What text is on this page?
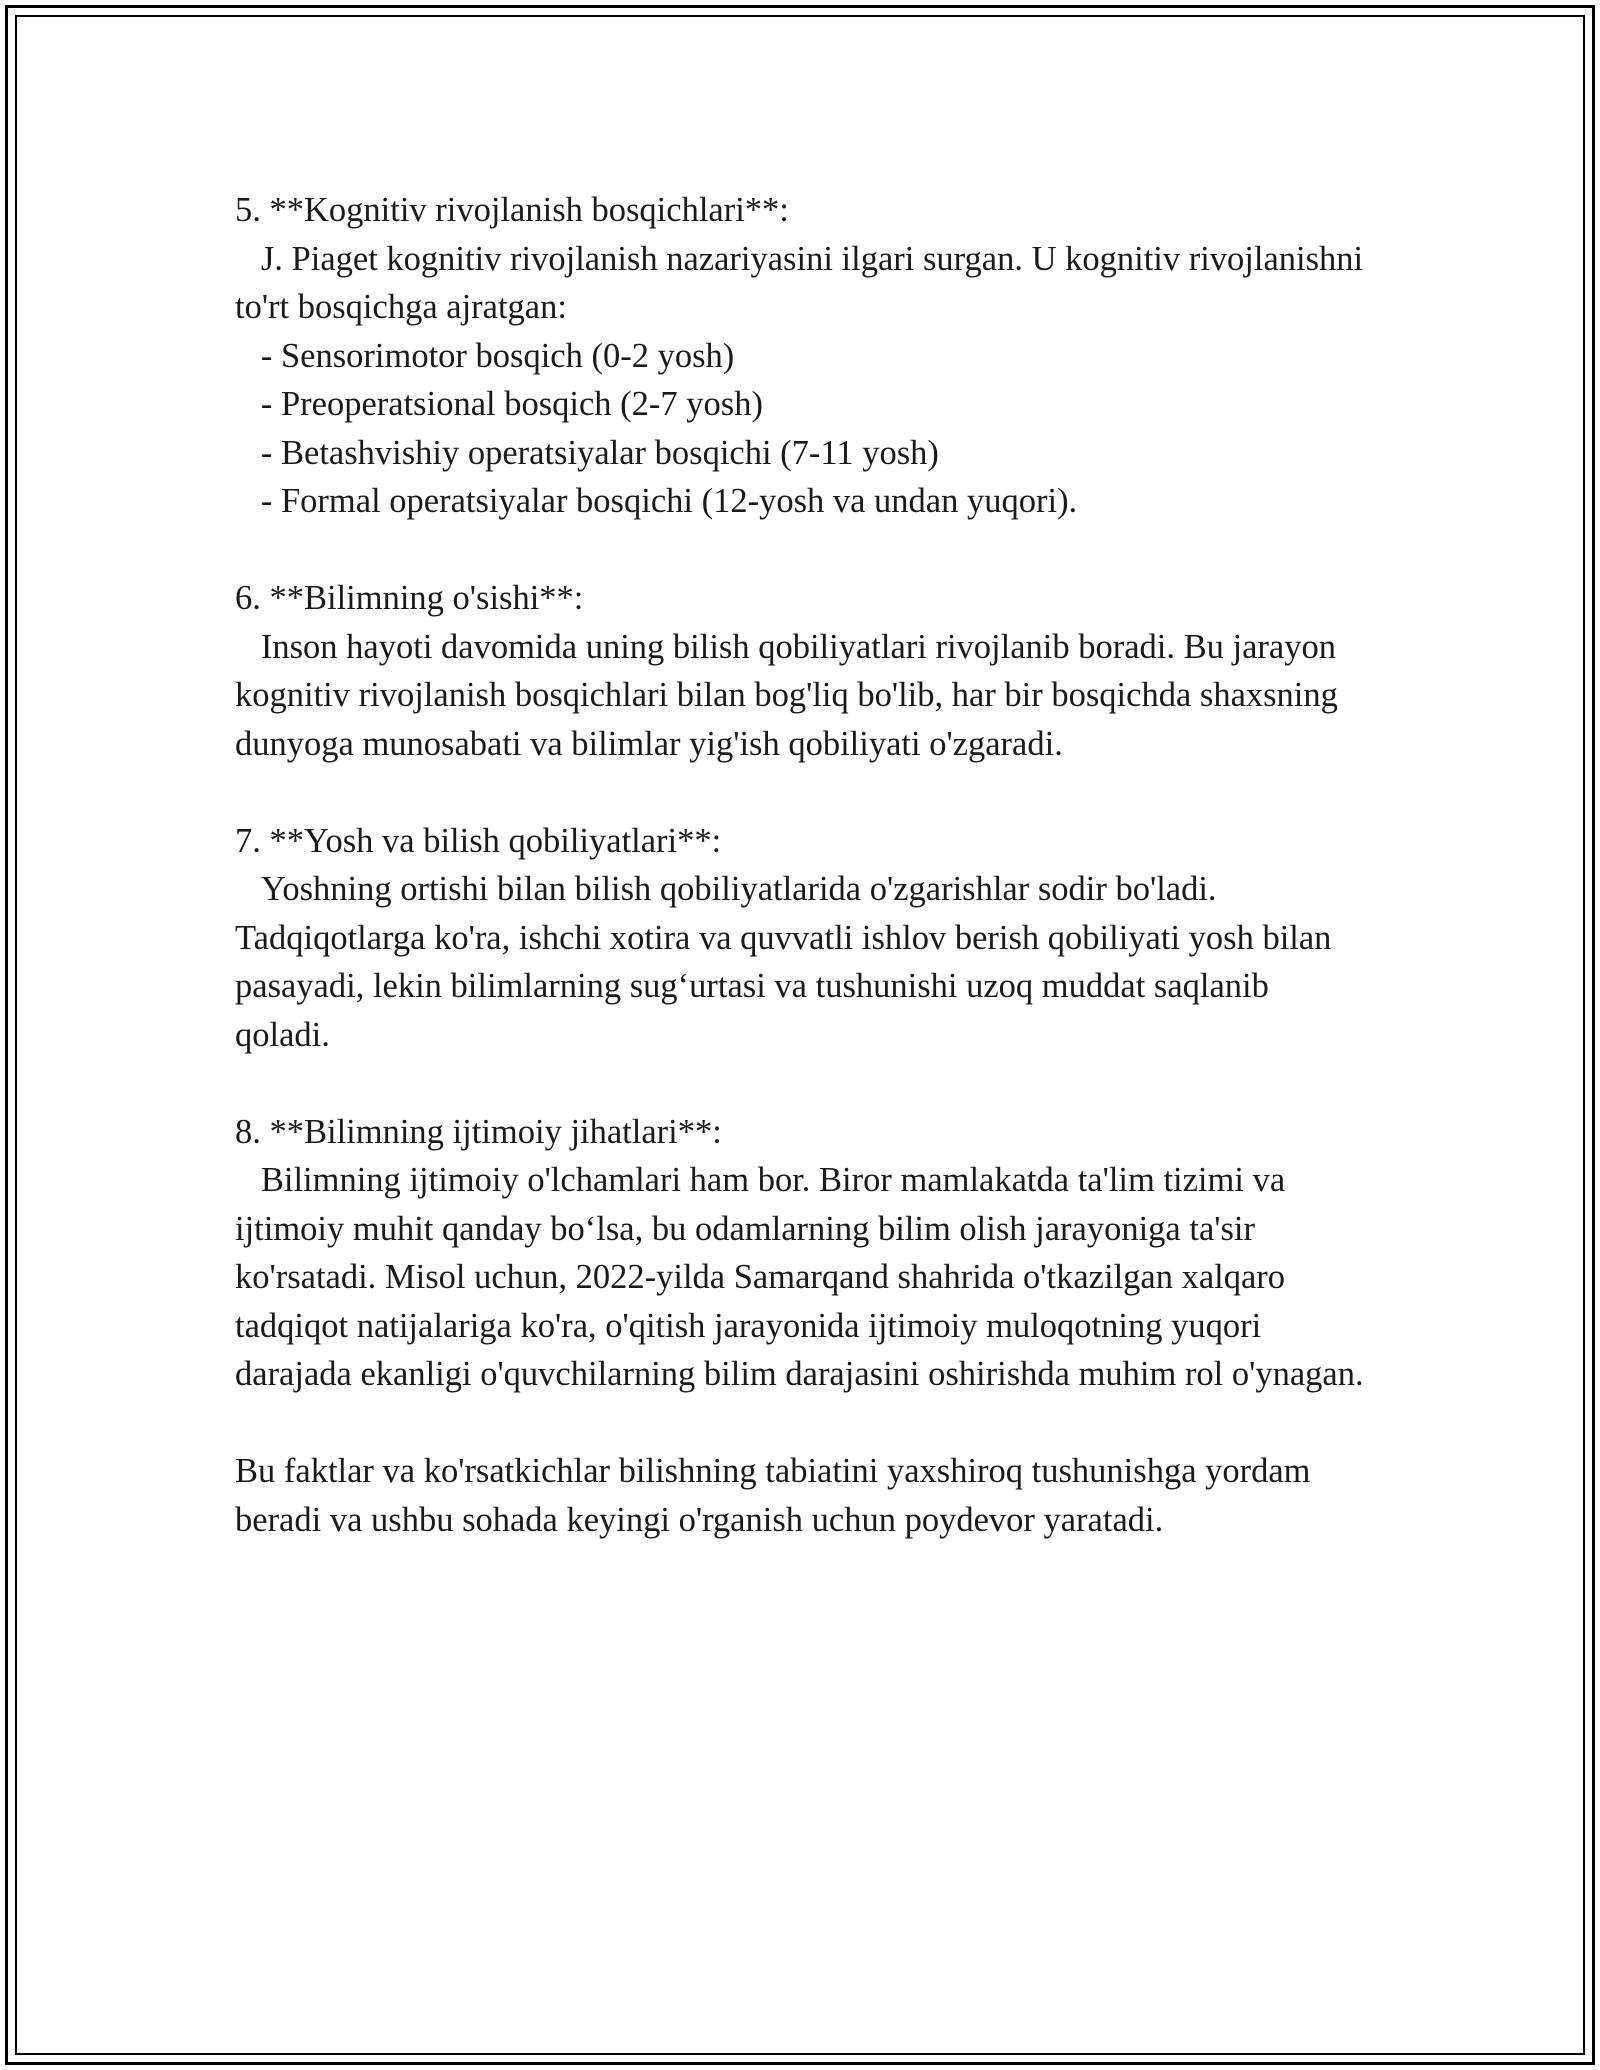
5. **Kognitiv rivojlanish bosqichlari**:

J. Piaget kognitiv rivojlanish nazariyasini ilgari surgan. U kognitiv rivojlanishni to'rt bosqichga ajratgan:

- Sensorimotor bosqich (0-2 yosh)

- Preoperatsional bosqich (2-7 yosh)

- Betashvishiy operatsiyalar bosqichi (7-11 yosh)

- Formal operatsiyalar bosqichi (12-yosh va undan yuqori).

6. **Bilimning o'sishi**:

Inson hayoti davomida uning bilish qobiliyatlari rivojlanib boradi. Bu jarayon kognitiv rivojlanish bosqichlari bilan bog'liq bo'lib, har bir bosqichda shaxsning dunyoga munosabati va bilimlar yig'ish qobiliyati o'zgaradi.

7. **Yosh va bilish qobiliyatlari**:

Yoshning ortishi bilan bilish qobiliyatlarida o'zgarishlar sodir bo'ladi. Tadqiqotlarga ko'ra, ishchi xotira va quvvatli ishlov berish qobiliyati yosh bilan pasayadi, lekin bilimlarning sug‘urtasi va tushunishi uzoq muddat saqlanib qoladi.

8. **Bilimning ijtimoiy jihatlari**:

Bilimning ijtimoiy o'lchamlari ham bor. Biror mamlakatda ta'lim tizimi va ijtimoiy muhit qanday bo‘lsa, bu odamlarning bilim olish jarayoniga ta'sir ko'rsatadi. Misol uchun, 2022-yilda Samarqand shahrida o'tkazilgan xalqaro tadqiqot natijalariga ko'ra, o'qitish jarayonida ijtimoiy muloqotning yuqori darajada ekanligi o'quvchilarning bilim darajasini oshirishda muhim rol o'ynagan.

Bu faktlar va ko'rsatkichlar bilishning tabiatini yaxshiroq tushunishga yordam beradi va ushbu sohada keyingi o'rganish uchun poydevor yaratadi.
